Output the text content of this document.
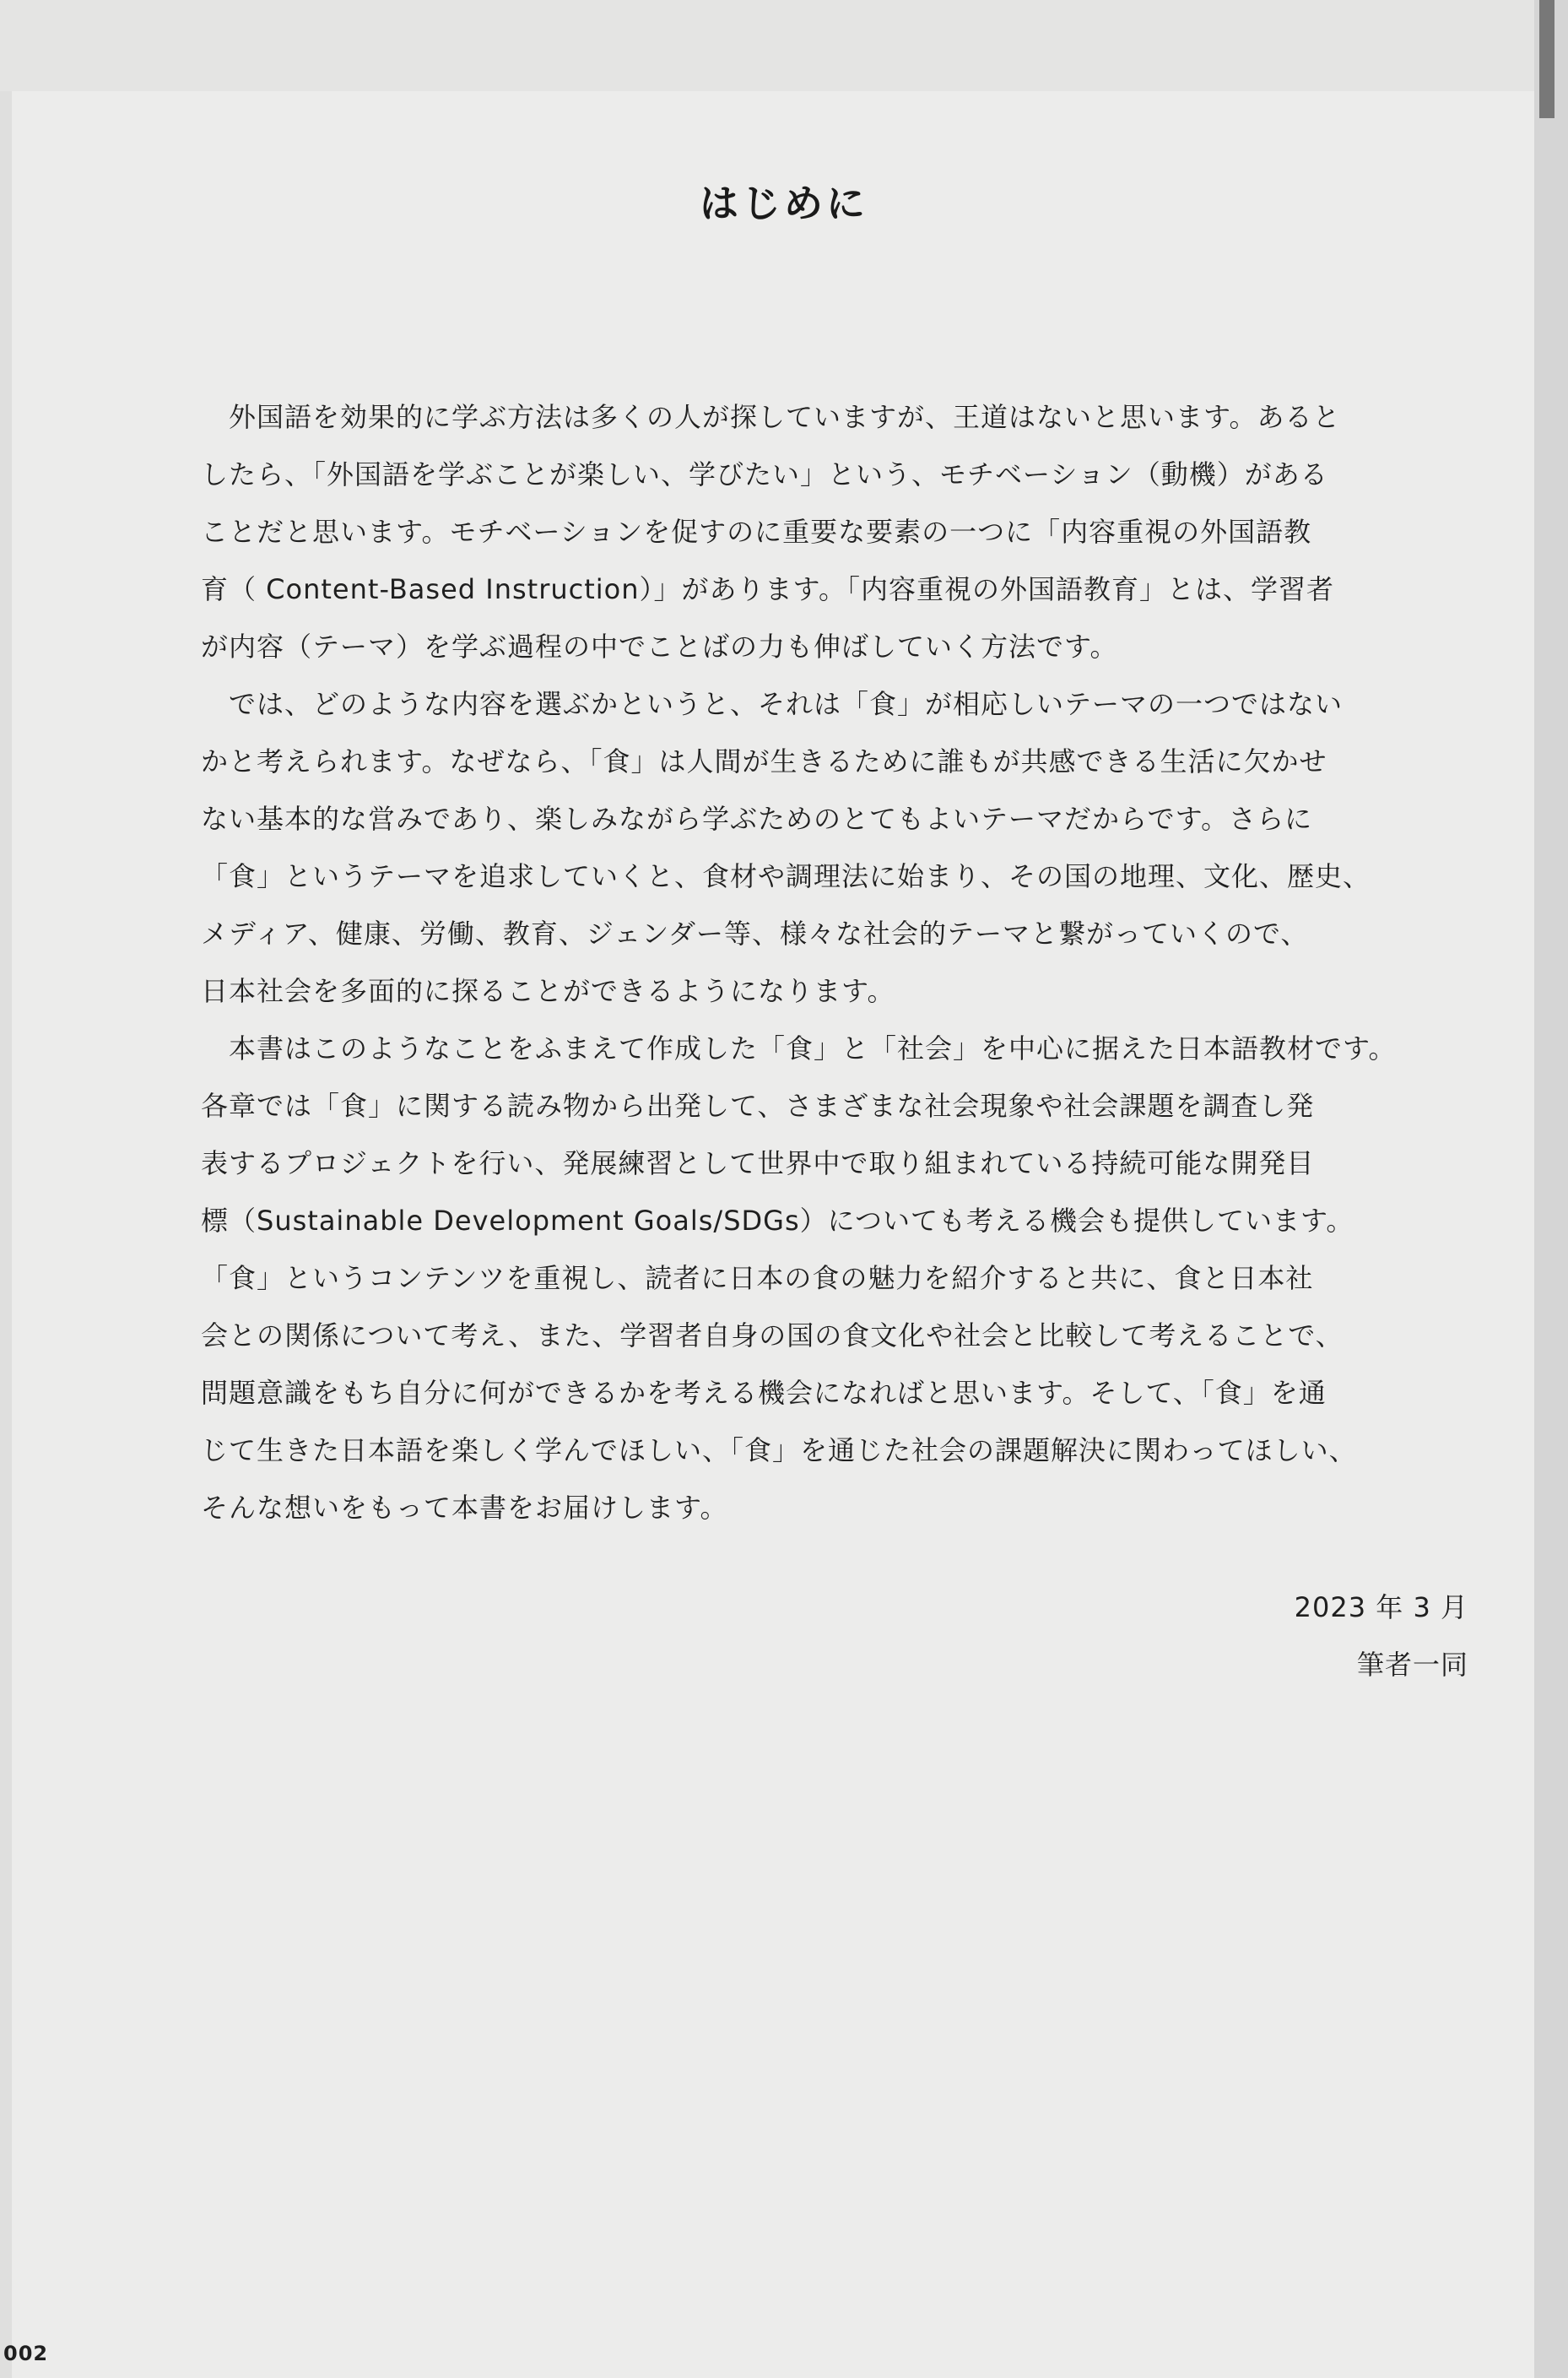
はじめに
　外国語を効果的に学ぶ方法は多くの人が探していますが、王道はないと思います。あると
したら、「外国語を学ぶことが楽しい、学びたい」という、モチベーション（動機）がある
ことだと思います。モチベーションを促すのに重要な要素の一つに「内容重視の外国語教
育（ Content-Based Instruction）」があります。「内容重視の外国語教育」とは、学習者
が内容（テーマ）を学ぶ過程の中でことばの力も伸ばしていく方法です。
　では、どのような内容を選ぶかというと、それは「食」が相応しいテーマの一つではない
かと考えられます。なぜなら、「食」は人間が生きるために誰もが共感できる生活に欠かせ
ない基本的な営みであり、楽しみながら学ぶためのとてもよいテーマだからです。さらに
「食」というテーマを追求していくと、食材や調理法に始まり、その国の地理、文化、歴史、
メディア、健康、労働、教育、ジェンダー等、様々な社会的テーマと繋がっていくので、
日本社会を多面的に探ることができるようになります。
　本書はこのようなことをふまえて作成した「食」と「社会」を中心に据えた日本語教材です。
各章では「食」に関する読み物から出発して、さまざまな社会現象や社会課題を調査し発
表するプロジェクトを行い、発展練習として世界中で取り組まれている持続可能な開発目
標（Sustainable Development Goals/SDGs）についても考える機会も提供しています。
「食」というコンテンツを重視し、読者に日本の食の魅力を紹介すると共に、食と日本社
会との関係について考え、また、学習者自身の国の食文化や社会と比較して考えることで、
問題意識をもち自分に何ができるかを考える機会になればと思います。そして、「食」を通
じて生きた日本語を楽しく学んでほしい、「食」を通じた社会の課題解決に関わってほしい、
そんな想いをもって本書をお届けします。
2023 年 3 月
筆者一同
002
